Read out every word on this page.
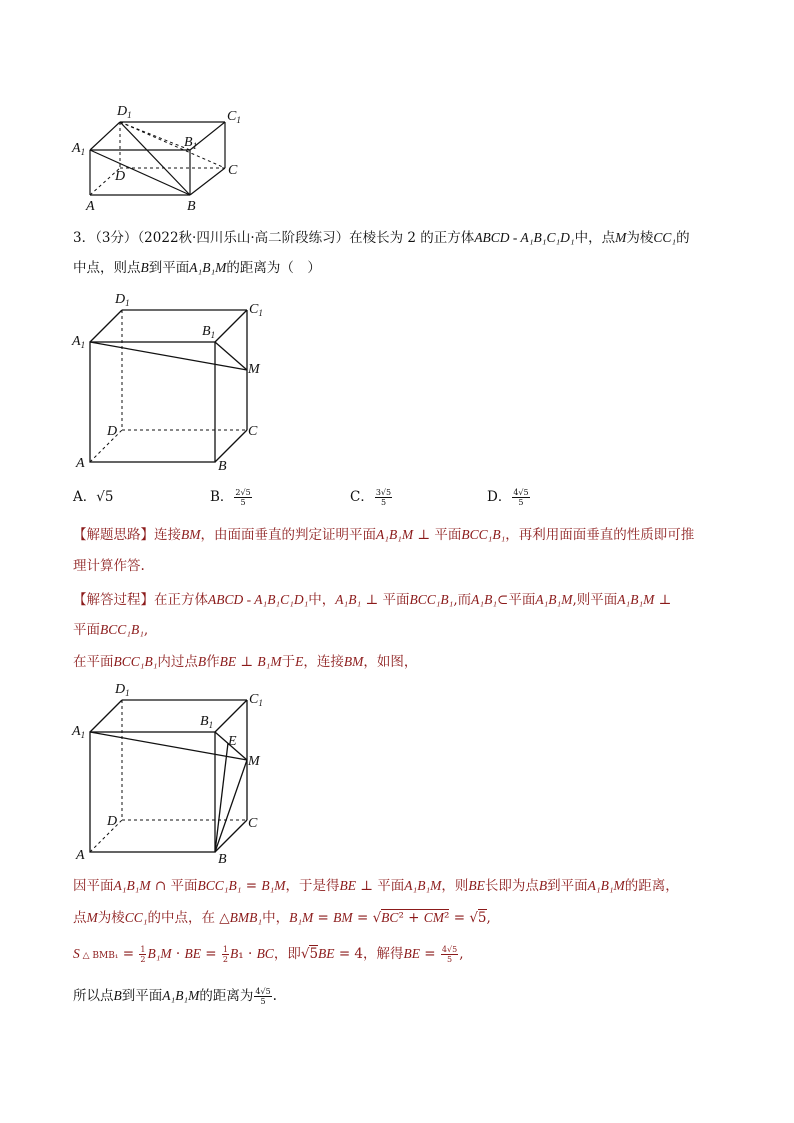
$D_1$	$C_1$
$A_1$
$B_1$
D	C
A	B
3．（3分）（2022秋·四川乐山·高二阶段练习）在棱长为 2 的正方体ABCD - A₁B₁C₁D₁中，点M为棱CC₁的
中点，则点B到平面A₁B₁M的距离为（　）
$D_1$	$C_1$
$A_1$
$B_1$
M
D	C
A	B
A．√5	B． $\frac{2√5}{5}$	C． $\frac{3√5}{5}$	D． $\frac{4√5}{5}$
【解题思路】连接BM，由面面垂直的判定证明平面A₁B₁M ⊥ 平面BCC₁B₁，再利用面面垂直的性质即可推
理计算作答.
【解答过程】在正方体ABCD - A₁B₁C₁D₁中，A₁B₁ ⊥ 平面BCC₁B₁,而A₁B₁⊂平面A₁B₁M,则平面A₁B₁M ⊥
平面BCC₁B₁,
在平面BCC₁B₁内过点B作BE ⊥ B₁M于E，连接BM，如图，
$D_1$	$C_1$
$A_1$
$B_1$
E
M
D	C
A	B
因平面A₁B₁M ∩ 平面BCC₁B₁ = B₁M，于是得BE ⊥ 平面A₁B₁M，则BE长即为点B到平面A₁B₁M的距离，
点M为棱CC₁的中点，在 △BMB₁中，B₁M = BM = √BC² + CM² = √5,
S △ $BMB_1 = \frac{1}{2} B_1M$ · BE = $\frac{1}{2} B_1$ · BC，即√5BE = 4，解得BE = $\frac{4√5}{5}$ ,
所以点B到平面A₁B₁M的距离为 $\frac{4√5}{5}$ .
